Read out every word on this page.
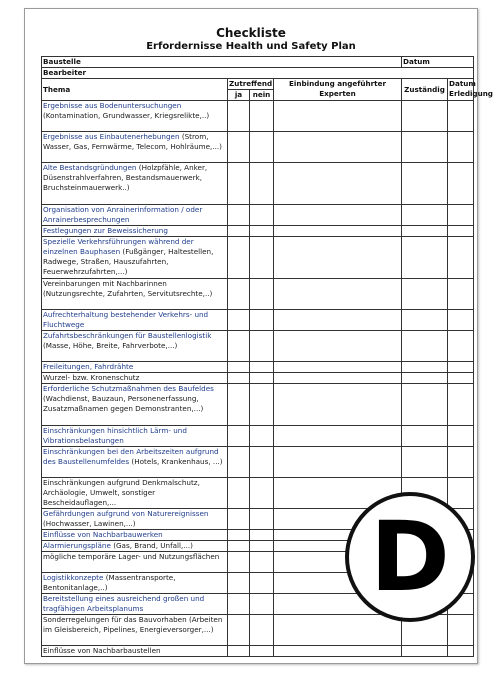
Checkliste
Erfordernisse Health und Safety Plan
Baustelle				Datum	
Bearbeiter					
Thema	Zutreffend		Einbindung angeführter Experten	Zuständig	Datum Erledigung
	ja	nein			
Ergebnisse aus Bodenuntersuchungen (Kontamination, Grundwasser, Kriegsrelikte,..)					
Ergebnisse aus Einbautenerhebungen (Strom, Wasser, Gas, Fernwärme, Telecom, Hohlräume,...)					
Alte Bestandsgründungen (Holzpfähle, Anker, Düsenstrahlverfahren, Bestandsmauerwerk, Bruchsteinmauerwerk..)					
Organisation von Anrainerinformation / oder Anrainerbesprechungen					
Festlegungen zur Beweissicherung					
Spezielle Verkehrsführungen während der einzelnen Bauphasen (Fußgänger, Haltestellen, Radwege, Straßen, Hauszufahrten, Feuerwehrzufahrten,...)					
Vereinbarungen mit Nachbarinnen (Nutzungsrechte, Zufahrten, Servitutsrechte,..)					
Aufrechterhaltung bestehender Verkehrs- und Fluchtwege					
Zufahrtsbeschränkungen für Baustellenlogistik (Masse, Höhe, Breite, Fahrverbote,...)					
Freileitungen, Fahrdrähte					
Wurzel- bzw. Kronenschutz					
Erforderliche Schutzmaßnahmen des Baufeldes (Wachdienst, Bauzaun, Personenerfassung, Zusatzmaßnamen gegen Demonstranten,...)					
Einschränkungen hinsichtlich Lärm- und Vibrationsbelastungen					
Einschränkungen bei den Arbeitszeiten aufgrund des Baustellenumfeldes (Hotels, Krankenhaus, ...)					
Einschränkungen aufgrund Denkmalschutz, Archäologie, Umwelt, sonstiger Bescheidauflagen,...					
Gefährdungen aufgrund von Naturereignissen (Hochwasser, Lawinen,...)					
Einflüsse von Nachbarbauwerken					
Alarmierungspläne (Gas, Brand, Unfall,...)					
mögliche temporäre Lager- und Nutzungsflächen					
Logistikkonzepte (Massentransporte, Bentonitanlage,..)					
Bereitstellung eines ausreichend großen und tragfähigen Arbeitsplanums					
Sonderregelungen für das Bauvorhaben (Arbeiten im Gleisbereich, Pipelines, Energieversorger,...)					
Einflüsse von Nachbarbaustellen					
D
